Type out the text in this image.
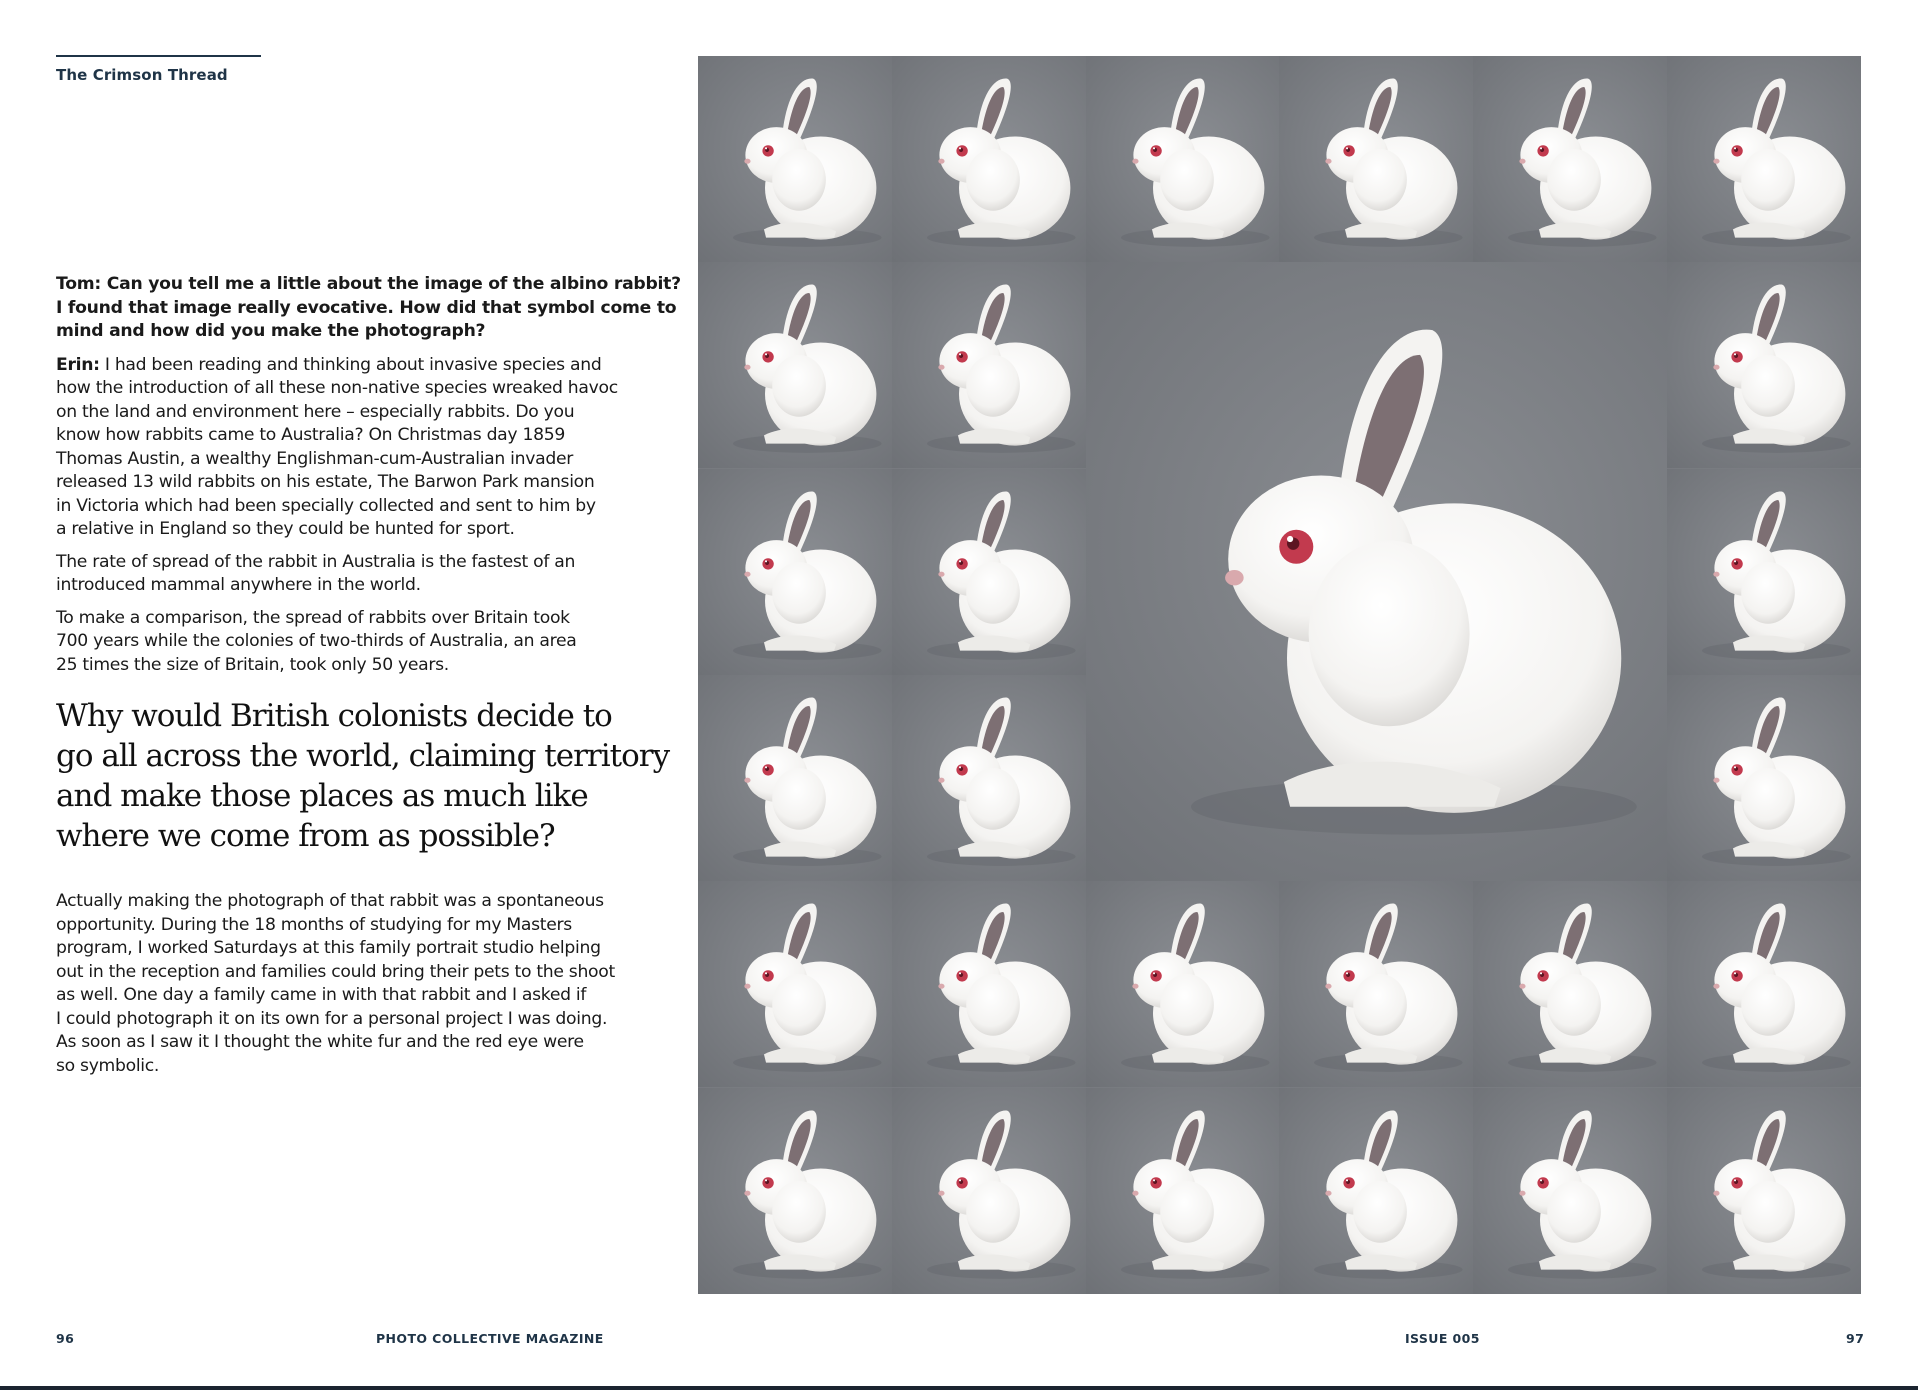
The Crimson Thread
Tom: Can you tell me a little about the image of the albino rabbit?
I found that image really evocative. How did that symbol come to
mind and how did you make the photograph?
Erin: I had been reading and thinking about invasive species and
how the introduction of all these non-native species wreaked havoc
on the land and environment here – especially rabbits. Do you
know how rabbits came to Australia? On Christmas day 1859
Thomas Austin, a wealthy Englishman-cum-Australian invader
released 13 wild rabbits on his estate, The Barwon Park mansion
in Victoria which had been specially collected and sent to him by
a relative in England so they could be hunted for sport.
The rate of spread of the rabbit in Australia is the fastest of an
introduced mammal anywhere in the world.
To make a comparison, the spread of rabbits over Britain took
700 years while the colonies of two-thirds of Australia, an area
25 times the size of Britain, took only 50 years.
Why would British colonists decide to
go all across the world, claiming territory
and make those places as much like
where we come from as possible?
Actually making the photograph of that rabbit was a spontaneous
opportunity. During the 18 months of studying for my Masters
program, I worked Saturdays at this family portrait studio helping
out in the reception and families could bring their pets to the shoot
as well. One day a family came in with that rabbit and I asked if
I could photograph it on its own for a personal project I was doing.
As soon as I saw it I thought the white fur and the red eye were
so symbolic.
96	PHOTO COLLECTIVE MAGAZINE	ISSUE 005	97
